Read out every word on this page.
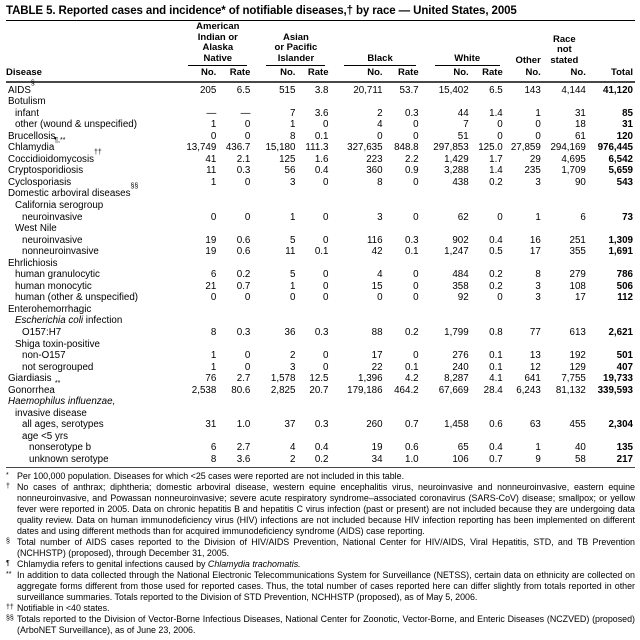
TABLE 5. Reported cases and incidence* of notifiable diseases,† by race — United States, 2005

	American
Indian or
Alaska Native		Asian
or Pacific
Islander		Black		White		Other	Race
not
stated	

Disease	No.	Rate	No.	Rate	No.	Rate	No.	Rate	No.	No.	Total
AIDS§	205	6.5	515	3.8	20,711	53.7	15,402	6.5	143	4,144	41,120
Botulism											
infant	—	—	7	3.6	2	0.3	44	1.4	1	31	85
other (wound & unspecified)	1	0	1	0	4	0	7	0	0	18	31
Brucellosis	0	0	8	0.1	0	0	51	0	0	61	120
Chlamydia¶,**	13,749	436.7	15,180	111.3	327,635	848.8	297,853	125.0	27,859	294,169	976,445
Coccidioidomycosis††	41	2.1	125	1.6	223	2.2	1,429	1.7	29	4,695	6,542
Cryptosporidiosis	11	0.3	56	0.4	360	0.9	3,288	1.4	235	1,709	5,659
Cyclosporiasis	1	0	3	0	8	0	438	0.2	3	90	543
Domestic arboviral diseases§§	
California serogroup											
neuroinvasive	0	0	1	0	3	0	62	0	1	6	73
West Nile											
neuroinvasive	19	0.6	5	0	116	0.3	902	0.4	16	251	1,309
nonneuroinvasive	19	0.6	11	0.1	42	0.1	1,247	0.5	17	355	1,691
Ehrlichiosis											
human granulocytic	6	0.2	5	0	4	0	484	0.2	8	279	786
human monocytic	21	0.7	1	0	15	0	358	0.2	3	108	506
human (other & unspecified)	0	0	0	0	0	0	92	0	3	17	112
Enterohemorrhagic											
Escherichia coli infection											
O157:H7	8	0.3	36	0.3	88	0.2	1,799	0.8	77	613	2,621
Shiga toxin-positive											
non-O157	1	0	2	0	17	0	276	0.1	13	192	501
not serogrouped	1	0	3	0	22	0.1	240	0.1	12	129	407
Giardiasis	76	2.7	1,578	12.5	1,396	4.2	8,287	4.1	641	7,755	19,733
Gonorrhea**	2,538	80.6	2,825	20.7	179,186	464.2	67,669	28.4	6,243	81,132	339,593
Haemophilus influenzae,											
invasive disease											
all ages, serotypes	31	1.0	37	0.3	260	0.7	1,458	0.6	63	455	2,304
age <5 yrs											
nonserotype b	6	2.7	4	0.4	19	0.6	65	0.4	1	40	135
unknown serotype	8	3.6	2	0.2	34	1.0	106	0.7	9	58	217
* Per 100,000 population. Diseases for which <25 cases were reported are not included in this table.
† No cases of anthrax; diphtheria; domestic arboviral disease, western equine encephalitis virus, neuroinvasive and nonneuroinvasive, eastern equine nonneuroinvasive, and Powassan nonneuroinvasive; severe acute respiratory syndrome–associated coronavirus (SARS-CoV) disease; smallpox; or yellow fever were reported in 2005. Data on chronic hepatitis B and hepatitis C virus infection (past or present) are not included because they are undergoing data quality review. Data on human immunodeficiency virus (HIV) infections are not included because HIV infection reporting has been implemented on different dates and using different methods than for acquired immunodeficiency syndrome (AIDS) case reporting.
§ Total number of AIDS cases reported to the Division of HIV/AIDS Prevention, National Center for HIV/AIDS, Viral Hepatitis, STD, and TB Prevention (NCHHSTP) (proposed), through December 31, 2005.
¶ Chlamydia refers to genital infections caused by Chlamydia trachomatis.
** In addition to data collected through the National Electronic Telecommunications System for Surveillance (NETSS), certain data on ethnicity are collected on aggregate forms different from those used for reported cases. Thus, the total number of cases reported here can differ slightly from totals reported in other surveillance summaries. Totals reported to the Division of STD Prevention, NCHHSTP (proposed), as of May 5, 2006.
†† Notifiable in <40 states.
§§ Totals reported to the Division of Vector-Borne Infectious Diseases, National Center for Zoonotic, Vector-Borne, and Enteric Diseases (NCZVED) (proposed) (ArboNET Surveillance), as of June 23, 2006.
